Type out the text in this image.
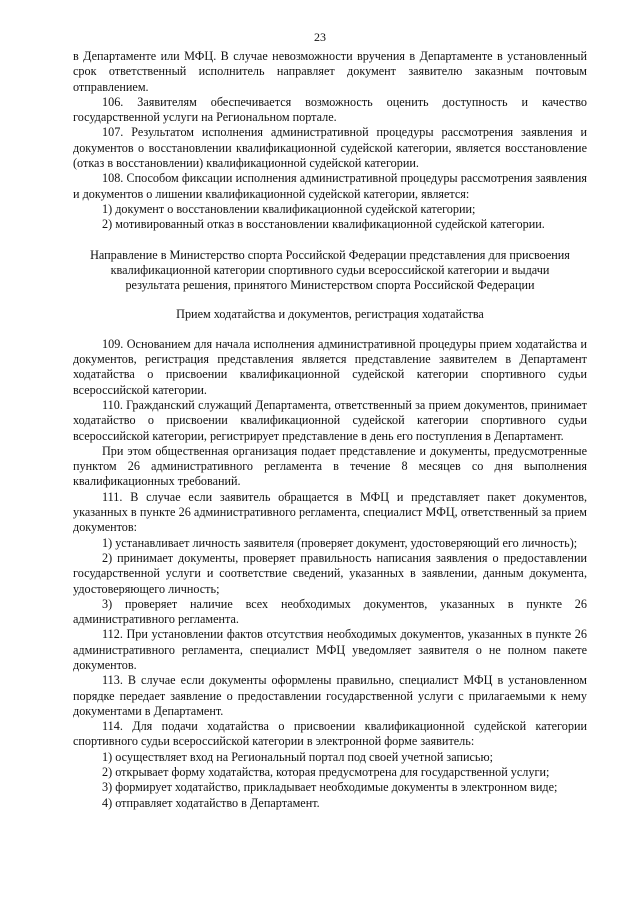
23

в Департаменте или МФЦ. В случае невозможности вручения в Департаменте в установленный срок ответственный исполнитель направляет документ заявителю заказным почтовым отправлением.

106. Заявителям обеспечивается возможность оценить доступность и качество государственной услуги на Региональном портале.

107. Результатом исполнения административной процедуры рассмотрения заявления и документов о восстановлении квалификационной судейской категории, является восстановление (отказ в восстановлении) квалификационной судейской категории.

108. Способом фиксации исполнения административной процедуры рассмотрения заявления и документов о лишении квалификационной судейской категории, является:

1) документ о восстановлении квалификационной судейской категории;

2) мотивированный отказ в восстановлении квалификационной судейской категории.

Направление в Министерство спорта Российской Федерации представления для присвоения квалификационной категории спортивного судьи всероссийской категории и выдачи результата решения, принятого Министерством спорта Российской Федерации

Прием ходатайства и документов, регистрация ходатайства

109. Основанием для начала исполнения административной процедуры прием ходатайства и документов, регистрация представления является представление заявителем в Департамент ходатайства о присвоении квалификационной судейской категории спортивного судьи всероссийской категории.

110. Гражданский служащий Департамента, ответственный за прием документов, принимает ходатайство о присвоении квалификационной судейской категории спортивного судьи всероссийской категории, регистрирует представление в день его поступления в Департамент.

При этом общественная организация подает представление и документы, предусмотренные пунктом 26 административного регламента в течение 8 месяцев со дня выполнения квалификационных требований.

111. В случае если заявитель обращается в МФЦ и представляет пакет документов, указанных в пункте 26 административного регламента, специалист МФЦ, ответственный за прием документов:

1) устанавливает личность заявителя (проверяет документ, удостоверяющий его личность);

2) принимает документы, проверяет правильность написания заявления о предоставлении государственной услуги и соответствие сведений, указанных в заявлении, данным документа, удостоверяющего личность;

3) проверяет наличие всех необходимых документов, указанных в пункте 26 административного регламента.

112. При установлении фактов отсутствия необходимых документов, указанных в пункте 26 административного регламента, специалист МФЦ уведомляет заявителя о не полном пакете документов.

113. В случае если документы оформлены правильно, специалист МФЦ в установленном порядке передает заявление о предоставлении государственной услуги с прилагаемыми к нему документами в Департамент.

114. Для подачи ходатайства о присвоении квалификационной судейской категории спортивного судьи всероссийской категории в электронной форме заявитель:

1) осуществляет вход на Региональный портал под своей учетной записью;

2) открывает форму ходатайства, которая предусмотрена для государственной услуги;

3) формирует ходатайство, прикладывает необходимые документы в электронном виде;

4) отправляет ходатайство в Департамент.
